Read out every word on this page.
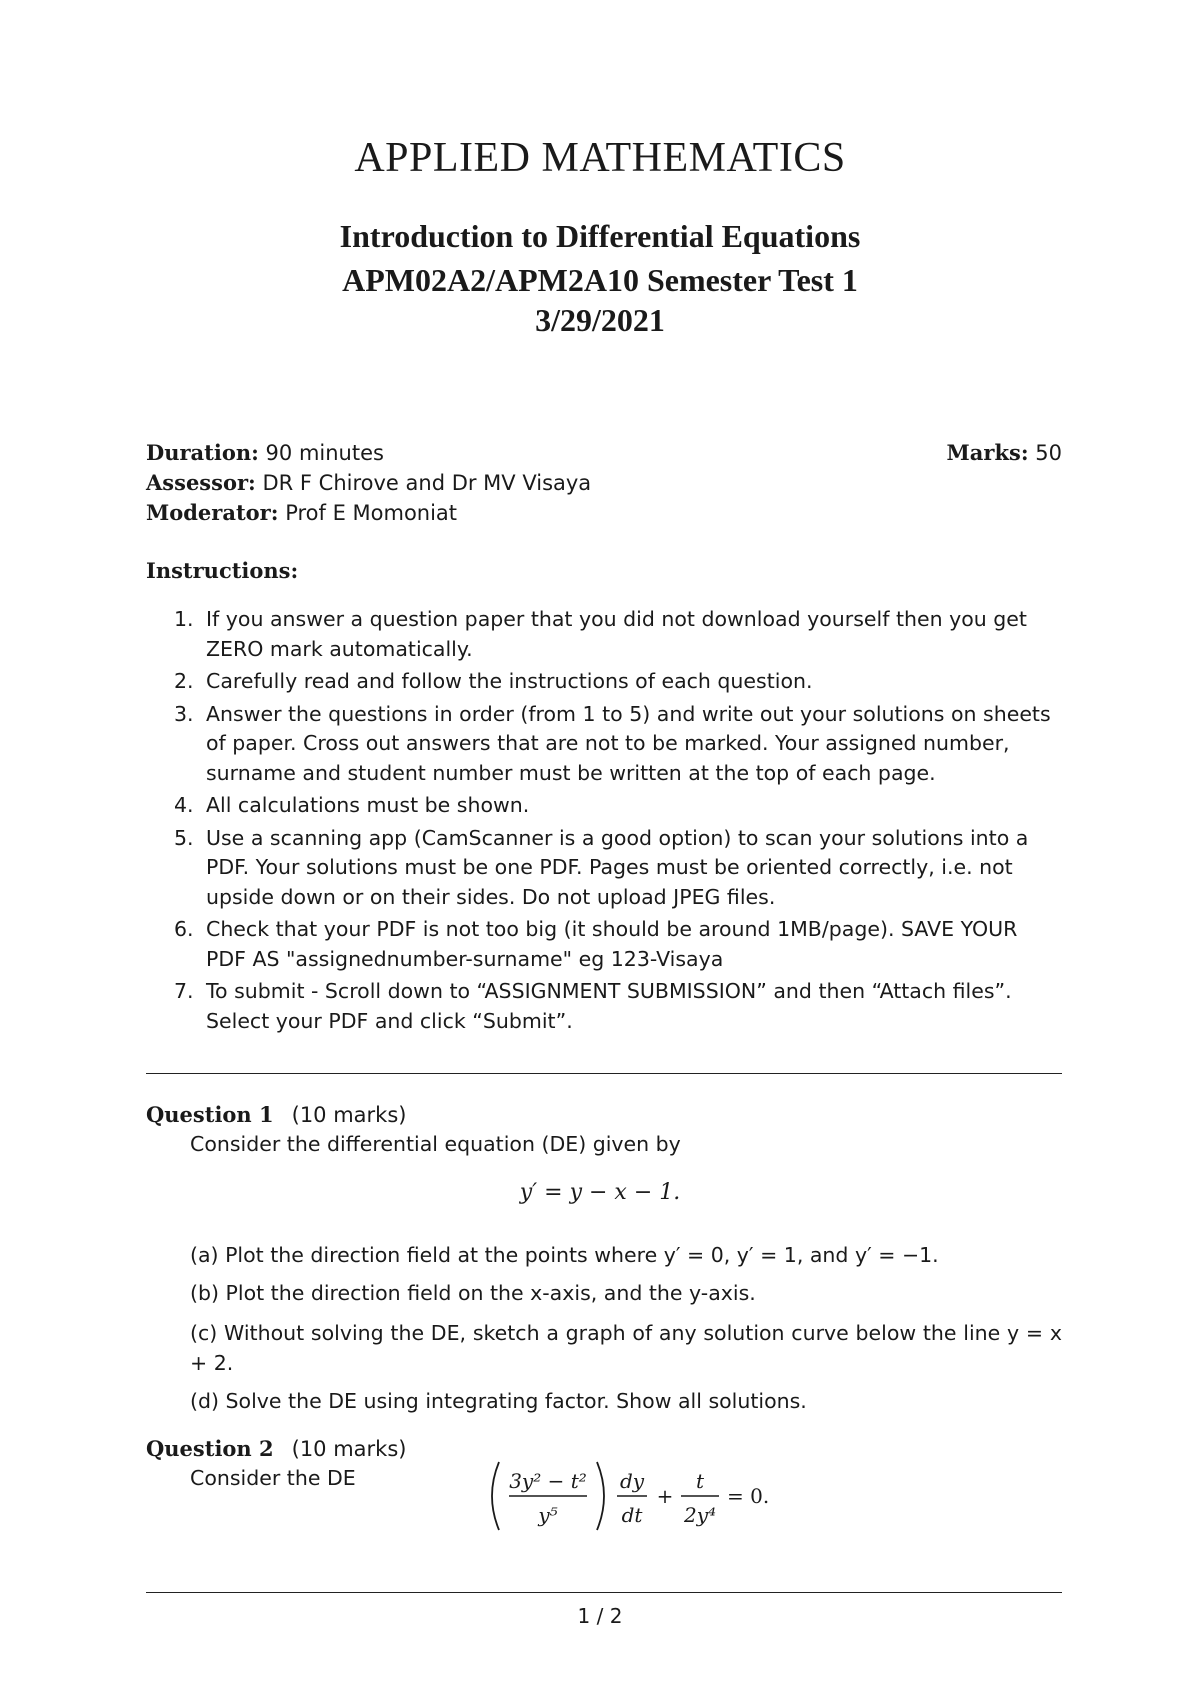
APPLIED MATHEMATICS
Introduction to Differential Equations
APM02A2/APM2A10 Semester Test 1
3/29/2021
Duration: 90 minutes	Marks: 50
Assessor: DR F Chirove and Dr MV Visaya
Moderator: Prof E Momoniat
Instructions:
1. If you answer a question paper that you did not download yourself then you get ZERO mark automatically.
2. Carefully read and follow the instructions of each question.
3. Answer the questions in order (from 1 to 5) and write out your solutions on sheets of paper. Cross out answers that are not to be marked. Your assigned number, surname and student number must be written at the top of each page.
4. All calculations must be shown.
5. Use a scanning app (CamScanner is a good option) to scan your solutions into a PDF. Your solutions must be one PDF. Pages must be oriented correctly, i.e. not upside down or on their sides. Do not upload JPEG files.
6. Check that your PDF is not too big (it should be around 1MB/page). SAVE YOUR PDF AS "assignednumber-surname" eg 123-Visaya
7. To submit - Scroll down to “ASSIGNMENT SUBMISSION” and then “Attach files”. Select your PDF and click “Submit”.
Question 1 (10 marks)
Consider the differential equation (DE) given by
y′ = y − x − 1.
(a) Plot the direction field at the points where y′ = 0, y′ = 1, and y′ = −1.
(b) Plot the direction field on the x-axis, and the y-axis.
(c) Without solving the DE, sketch a graph of any solution curve below the line y = x + 2.
(d) Solve the DE using integrating factor. Show all solutions.
Question 2 (10 marks)
Consider the DE	3y² − t²
y⁵
dy
dt
+
t
2y⁴
= 0.
1 / 2
